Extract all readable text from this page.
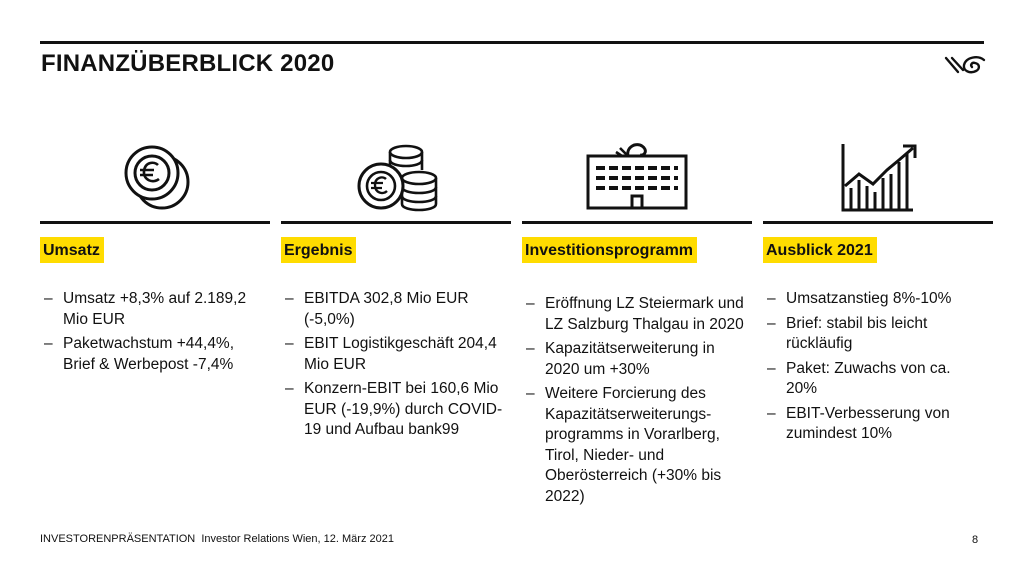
FINANZÜBERBLICK 2020
Umsatz
– Umsatz +8,3% auf 2.189,2 Mio EUR
– Paketwachstum +44,4%, Brief & Werbepost -7,4%
Ergebnis
– EBITDA 302,8 Mio EUR (-5,0%)
– EBIT Logistikgeschäft 204,4 Mio EUR
– Konzern-EBIT bei 160,6 Mio EUR (-19,9%) durch COVID-19 und Aufbau bank99
Investitionsprogramm
– Eröffnung LZ Steiermark und LZ Salzburg Thalgau in 2020
– Kapazitätserweiterung in 2020 um +30%
– Weitere Forcierung des Kapazitätserweiterungs-programms in Vorarlberg, Tirol, Nieder- und Oberösterreich (+30% bis 2022)
Ausblick 2021
– Umsatzanstieg 8%-10%
– Brief: stabil bis leicht rückläufig
– Paket: Zuwachs von ca. 20%
– EBIT-Verbesserung von zumindest 10%
INVESTORENPRÄSENTATION Investor Relations Wien, 12. März 2021	8
